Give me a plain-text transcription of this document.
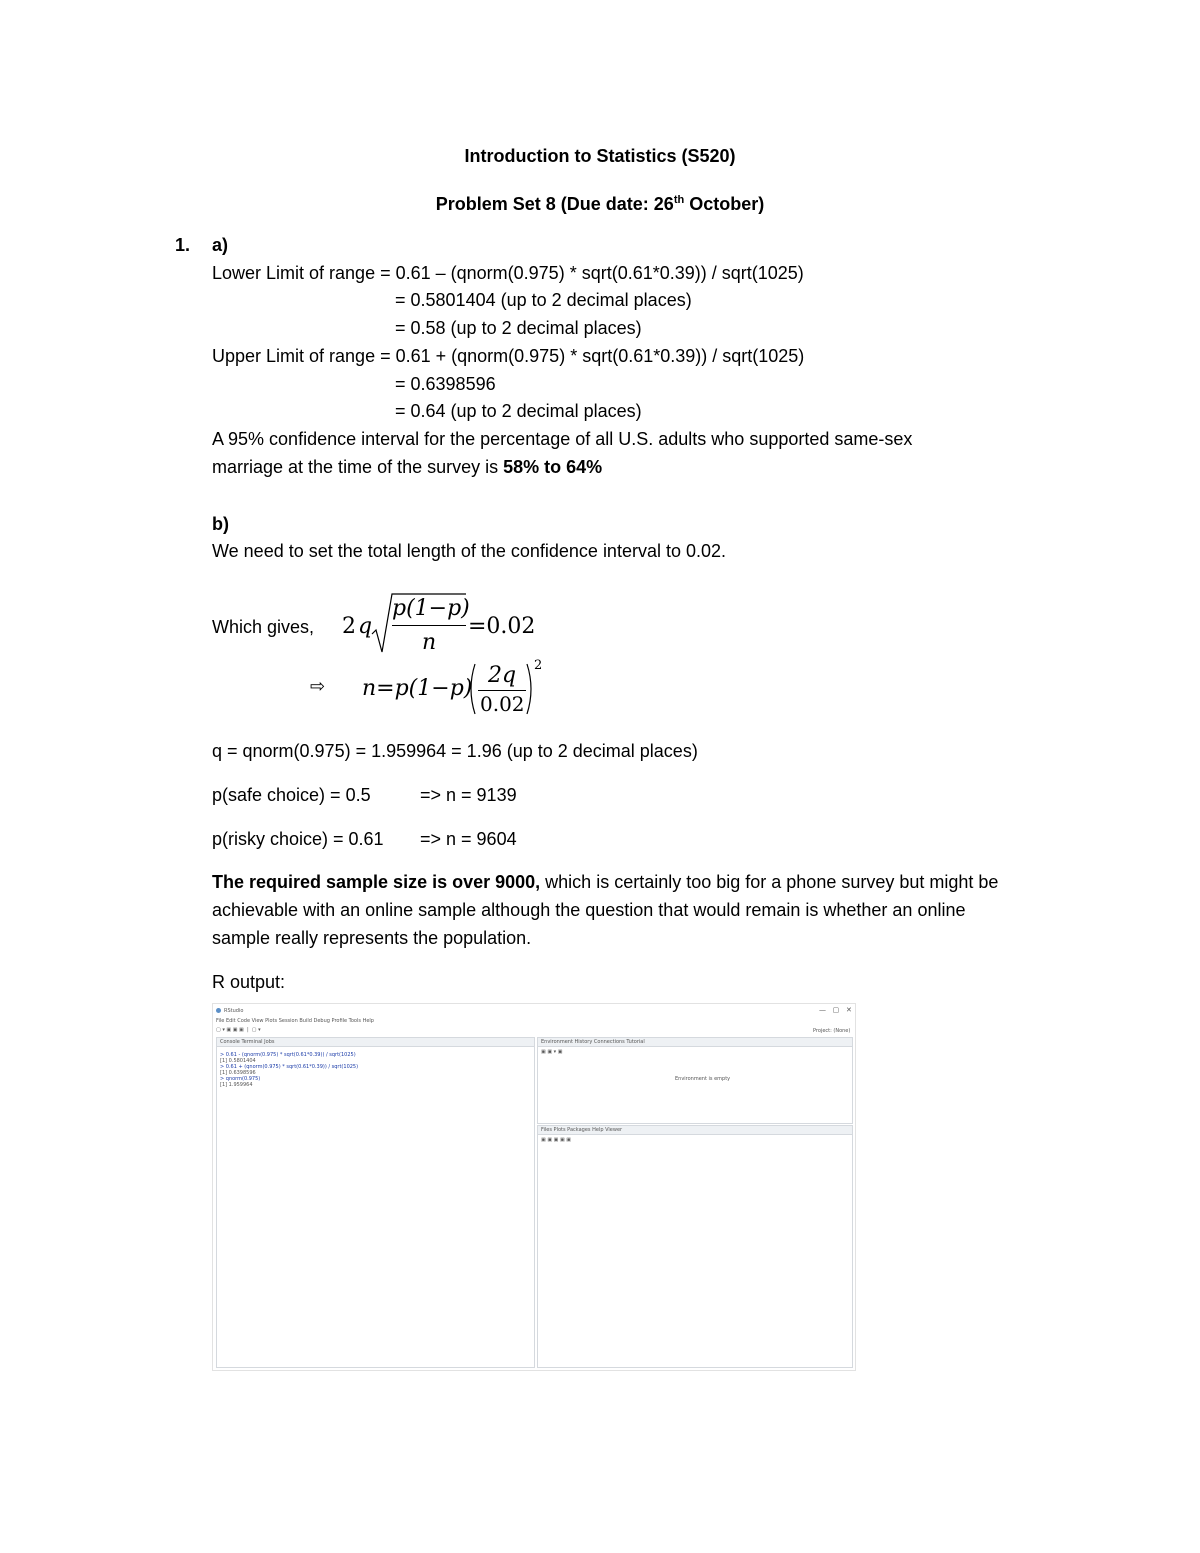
Introduction to Statistics (S520)
Problem Set 8 (Due date: 26th October)
1. a)
Lower Limit of range = 0.61 – (qnorm(0.975) * sqrt(0.61*0.39)) / sqrt(1025)
= 0.5801404 (up to 2 decimal places)
= 0.58 (up to 2 decimal places)
Upper Limit of range = 0.61 + (qnorm(0.975) * sqrt(0.61*0.39)) / sqrt(1025)
= 0.6398596
= 0.64 (up to 2 decimal places)
A 95% confidence interval for the percentage of all U.S. adults who supported same-sex
marriage at the time of the survey is 58% to 64%
b)
We need to set the total length of the confidence interval to 0.02.
Which gives, 2 q
p(1−p)
n
=0.02
⇨ n=p(1−p)
2q
0.02
2
q = qnorm(0.975) = 1.959964 = 1.96 (up to 2 decimal places)
p(safe choice) = 0.5	=> n = 9139
p(risky choice) = 0.61 => n = 9604
The required sample size is over 9000, which is certainly too big for a phone survey but might be
achievable with an online sample although the question that would remain is whether an online
sample really represents the population.
R output:
RStudio	—   ▢   ✕
File Edit Code View Plots Session Build Debug Profile Tools Help
▢ ▾ ▣ ▣ ▣  |  ▢ ▾	Project: (None)
Console Terminal Jobs
> 0.61 - (qnorm(0.975) * sqrt(0.61*0.39)) / sqrt(1025)
[1] 0.5801404
> 0.61 + (qnorm(0.975) * sqrt(0.61*0.39)) / sqrt(1025)
[1] 0.6398596
> qnorm(0.975)
[1] 1.959964
Environment History Connections Tutorial
▣ ▣ ▾ ▣
Environment is empty
Files Plots Packages Help Viewer
▣ ▣ ▣ ▣ ▣
